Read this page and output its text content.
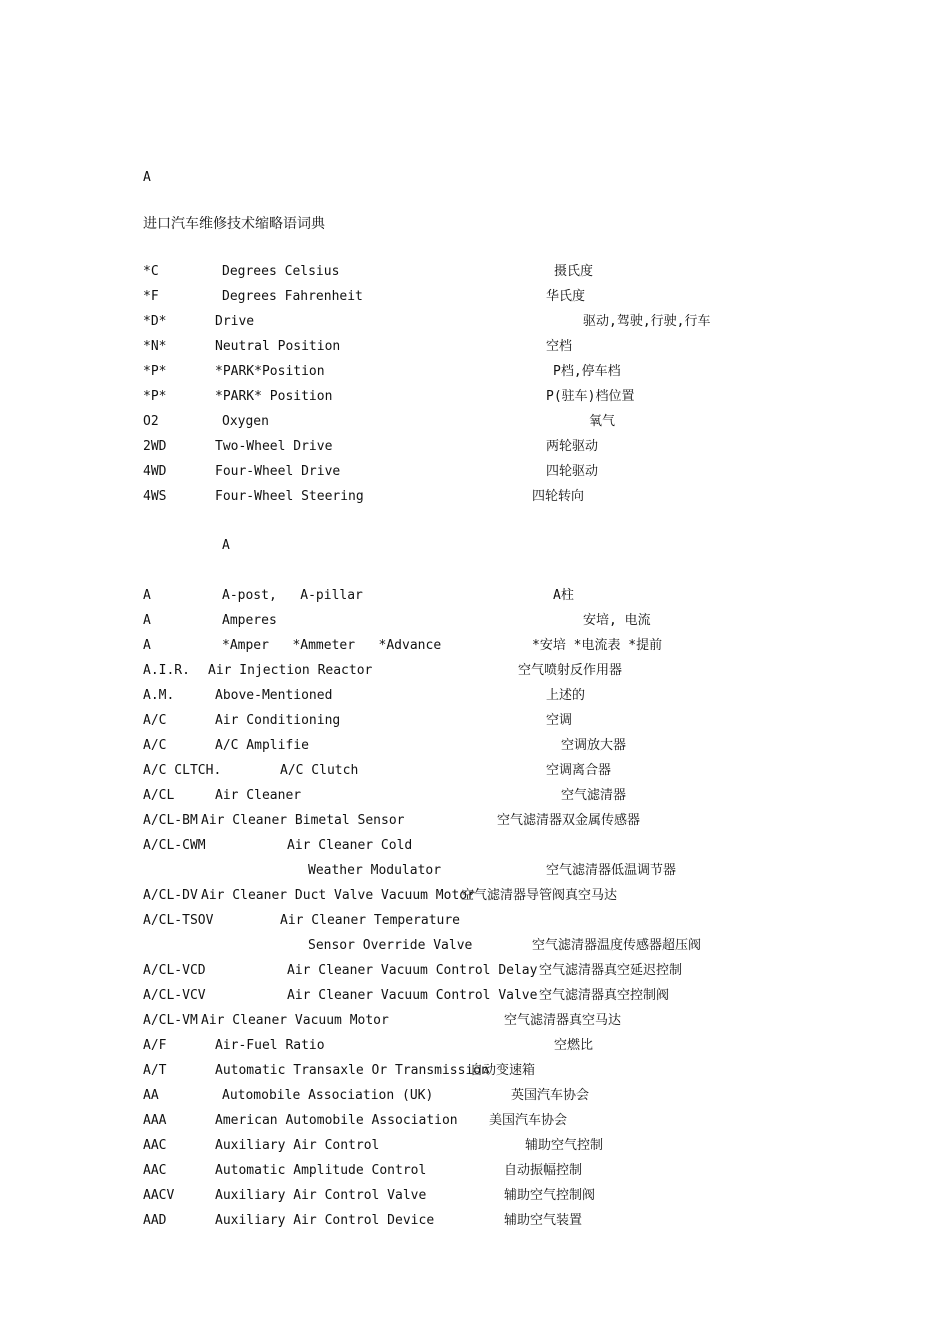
A
进口汽车维修技术缩略语词典
*C	Degrees Celsius	摄氏度
*F	Degrees Fahrenheit	华氏度
*D*	Drive	驱动,驾驶,行驶,行车
*N*	Neutral Position	空档
*P*	*PARK*Position	P档,停车档
*P*	*PARK* Position	P(驻车)档位置
O2	Oxygen	氧气
2WD	Two-Wheel Drive	两轮驱动
4WD	Four-Wheel Drive	四轮驱动
4WS	Four-Wheel Steering	四轮转向
A
A	A-post,   A-pillar	A柱
A	Amperes	安培, 电流
A	*Amper   *Ammeter   *Advance	*安培 *电流表 *提前
A.I.R. Air Injection Reactor	空气喷射反作用器
A.M.	Above-Mentioned	上述的
A/C	Air Conditioning	空调
A/C	A/C Amplifie	空调放大器
A/C CLTCH.	A/C Clutch	空调离合器
A/CL	Air Cleaner	空气滤清器
A/CL-BM Air Cleaner Bimetal Sensor	空气滤清器双金属传感器
A/CL-CWM	Air Cleaner Cold
Weather Modulator	空气滤清器低温调节器
A/CL-DV Air Cleaner Duct Valve Vacuum Motor
空气滤清器导管阀真空马达
A/CL-TSOV	Air Cleaner Temperature
Sensor Override Valve	空气滤清器温度传感器超压阀
A/CL-VCD	Air Cleaner Vacuum Control Delay 空气滤清器真空延迟控制
A/CL-VCV	Air Cleaner Vacuum Control Valve 空气滤清器真空控制阀
A/CL-VM Air Cleaner Vacuum Motor	空气滤清器真空马达
A/F	Air-Fuel Ratio	空燃比
A/T	Automatic Transaxle Or Transmission
自动变速箱
AA	Automobile Association (UK)	英国汽车协会
AAA	American Automobile Association 美国汽车协会
AAC	Auxiliary Air Control	辅助空气控制
AAC	Automatic Amplitude Control	自动振幅控制
AACV	Auxiliary Air Control Valve	辅助空气控制阀
AAD	Auxiliary Air Control Device	辅助空气装置
